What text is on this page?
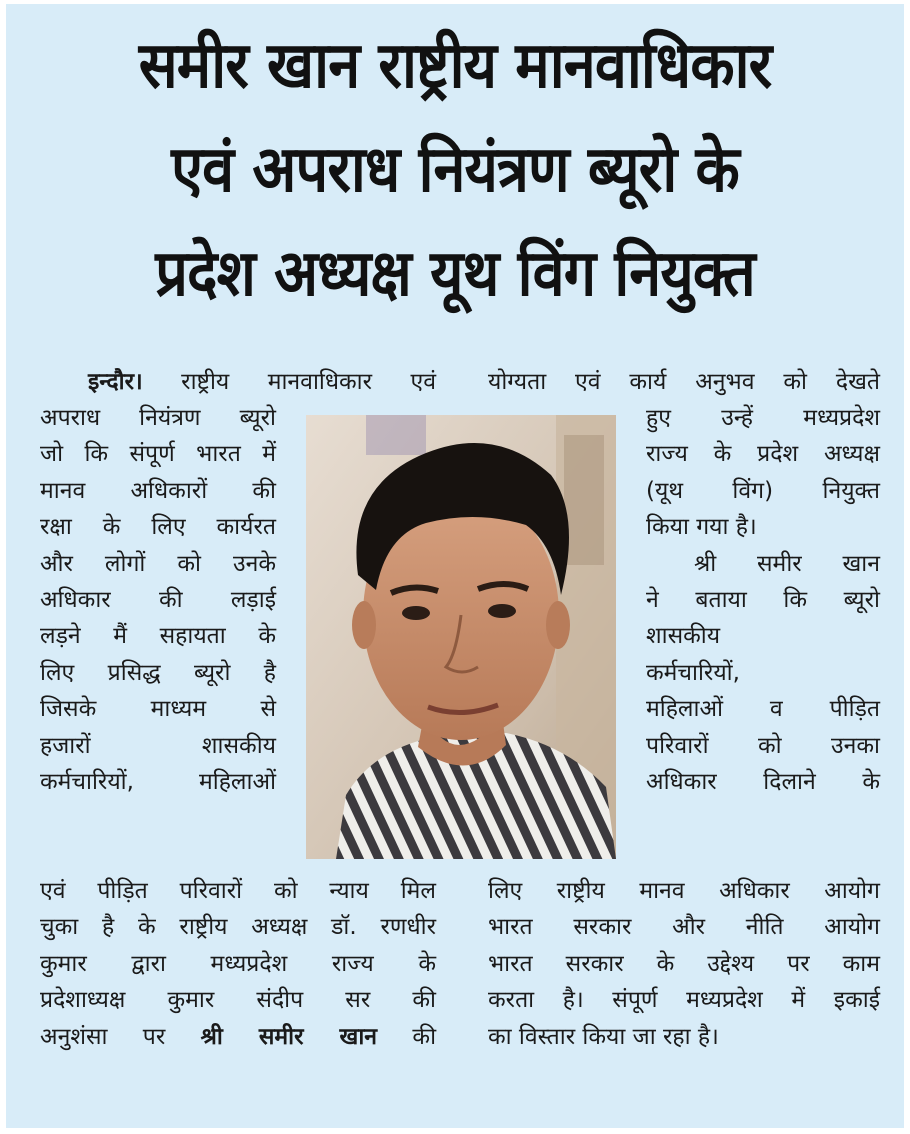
समीर खान राष्ट्रीय मानवाधिकार
एवं अपराध नियंत्रण ब्यूरो के
प्रदेश अध्यक्ष यूथ विंग नियुक्त
इन्दौर। राष्ट्रीय मानवाधिकार एवं
अपराध नियंत्रण ब्यूरो
जो कि संपूर्ण भारत में
मानव अधिकारों की
रक्षा के लिए कार्यरत
और लोगों को उनके
अधिकार की लड़ाई
लड़ने मैं सहायता के
लिए प्रसिद्ध ब्यूरो है
जिसके माध्यम से
हजारों शासकीय
कर्मचारियों, महिलाओं
एवं पीड़ित परिवारों को न्याय मिल
चुका है के राष्ट्रीय अध्यक्ष डॉ. रणधीर
कुमार द्वारा मध्यप्रदेश राज्य के
प्रदेशाध्यक्ष कुमार संदीप सर की
अनुशंसा पर श्री समीर खान की
योग्यता एवं कार्य अनुभव को देखते
हुए उन्हें मध्यप्रदेश
राज्य के प्रदेश अध्यक्ष
(यूथ विंग) नियुक्त
किया गया है।
श्री समीर खान
ने बताया कि ब्यूरो
शासकीय
कर्मचारियों,
महिलाओं व पीड़ित
परिवारों को उनका
अधिकार दिलाने के
लिए राष्ट्रीय मानव अधिकार आयोग
भारत सरकार और नीति आयोग
भारत सरकार के उद्देश्य पर काम
करता है। संपूर्ण मध्यप्रदेश में इकाई
का विस्तार किया जा रहा है।
